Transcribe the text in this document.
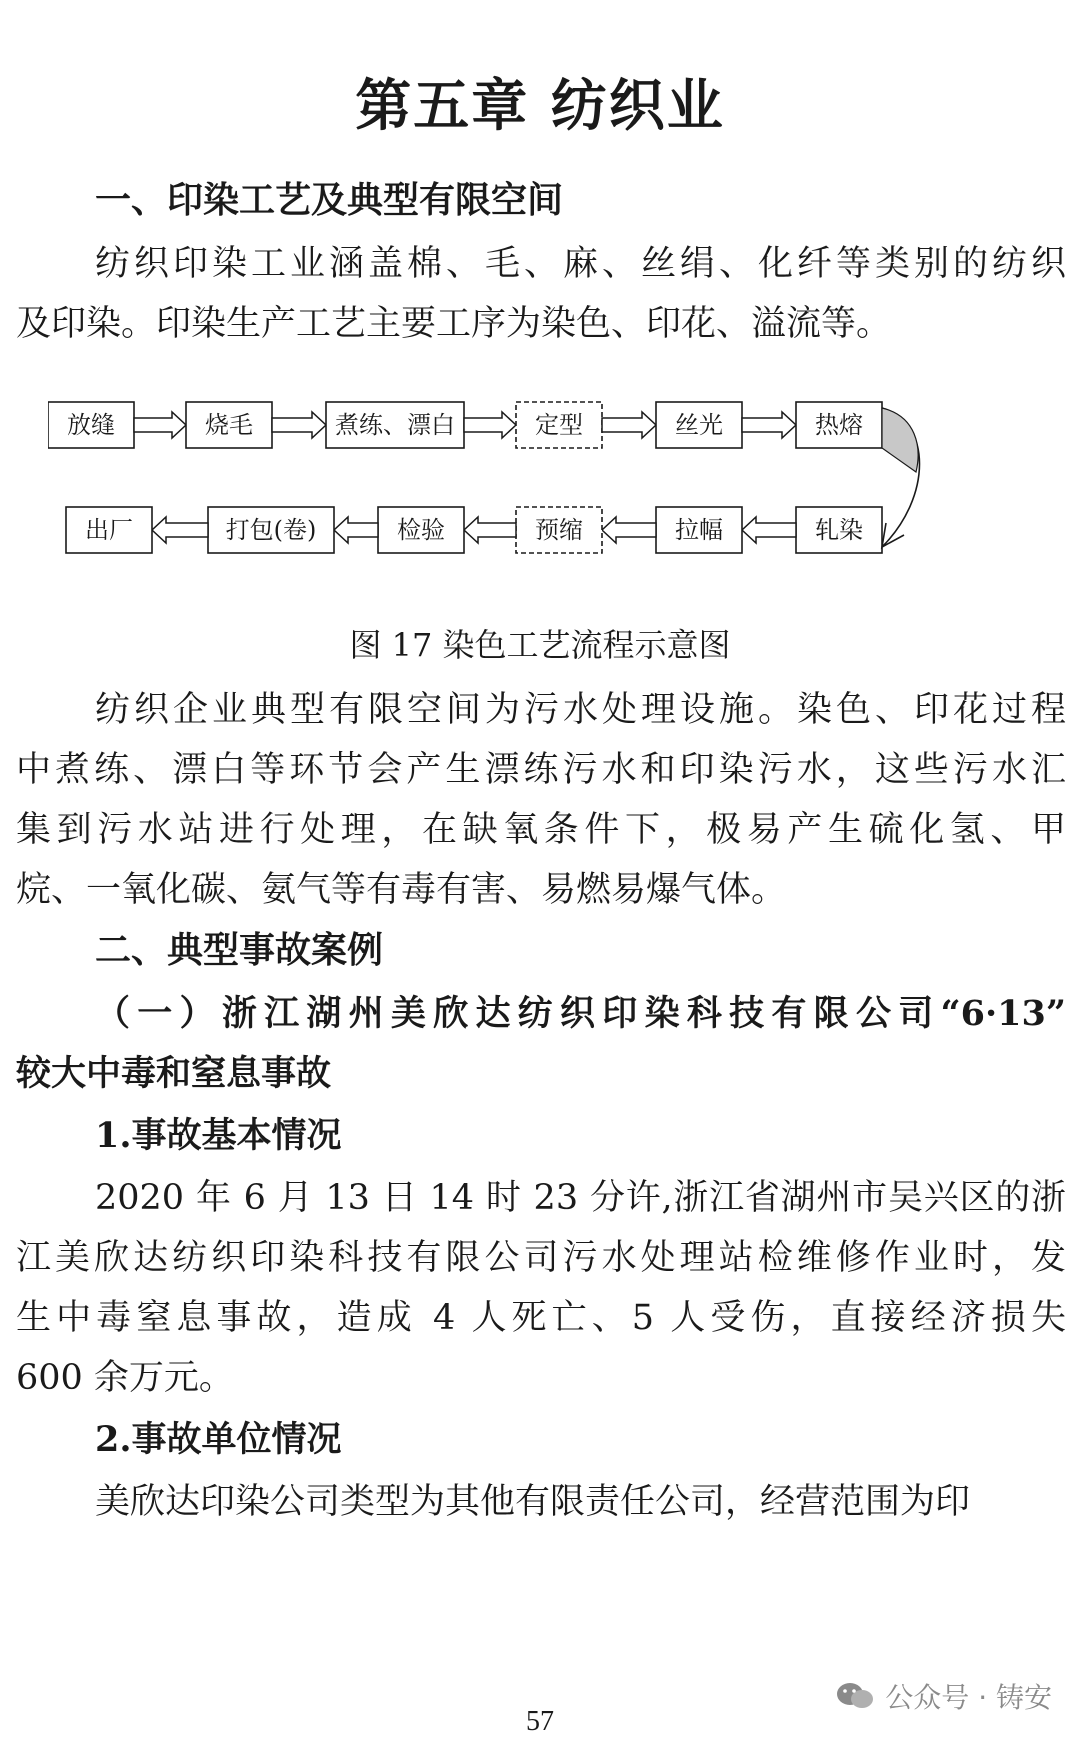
第五章 纺织业
一、印染工艺及典型有限空间
纺织印染工业涵盖棉、毛、麻、丝绢、化纤等类别的纺织
及印染。印染生产工艺主要工序为染色、印花、溢流等。
放缝	烧毛	煮练、漂白	定型	丝光	热熔
轧染
拉幅
预缩
检验
打包(卷)
出厂
图 17 染色工艺流程示意图
纺织企业典型有限空间为污水处理设施。染色、印花过程
中煮练、漂白等环节会产生漂练污水和印染污水，这些污水汇
集到污水站进行处理，在缺氧条件下，极易产生硫化氢、甲
烷、一氧化碳、氨气等有毒有害、易燃易爆气体。
二、典型事故案例
（一）浙江湖州美欣达纺织印染科技有限公司“6·13”
较大中毒和窒息事故
1.事故基本情况
2020 年 6 月 13 日 14 时 23 分许,浙江省湖州市吴兴区的浙
江美欣达纺织印染科技有限公司污水处理站检维修作业时，发
生中毒窒息事故，造成 4 人死亡、5 人受伤，直接经济损失
600 余万元。
2.事故单位情况
美欣达印染公司类型为其他有限责任公司，经营范围为印
公众号 · 铸安
57
